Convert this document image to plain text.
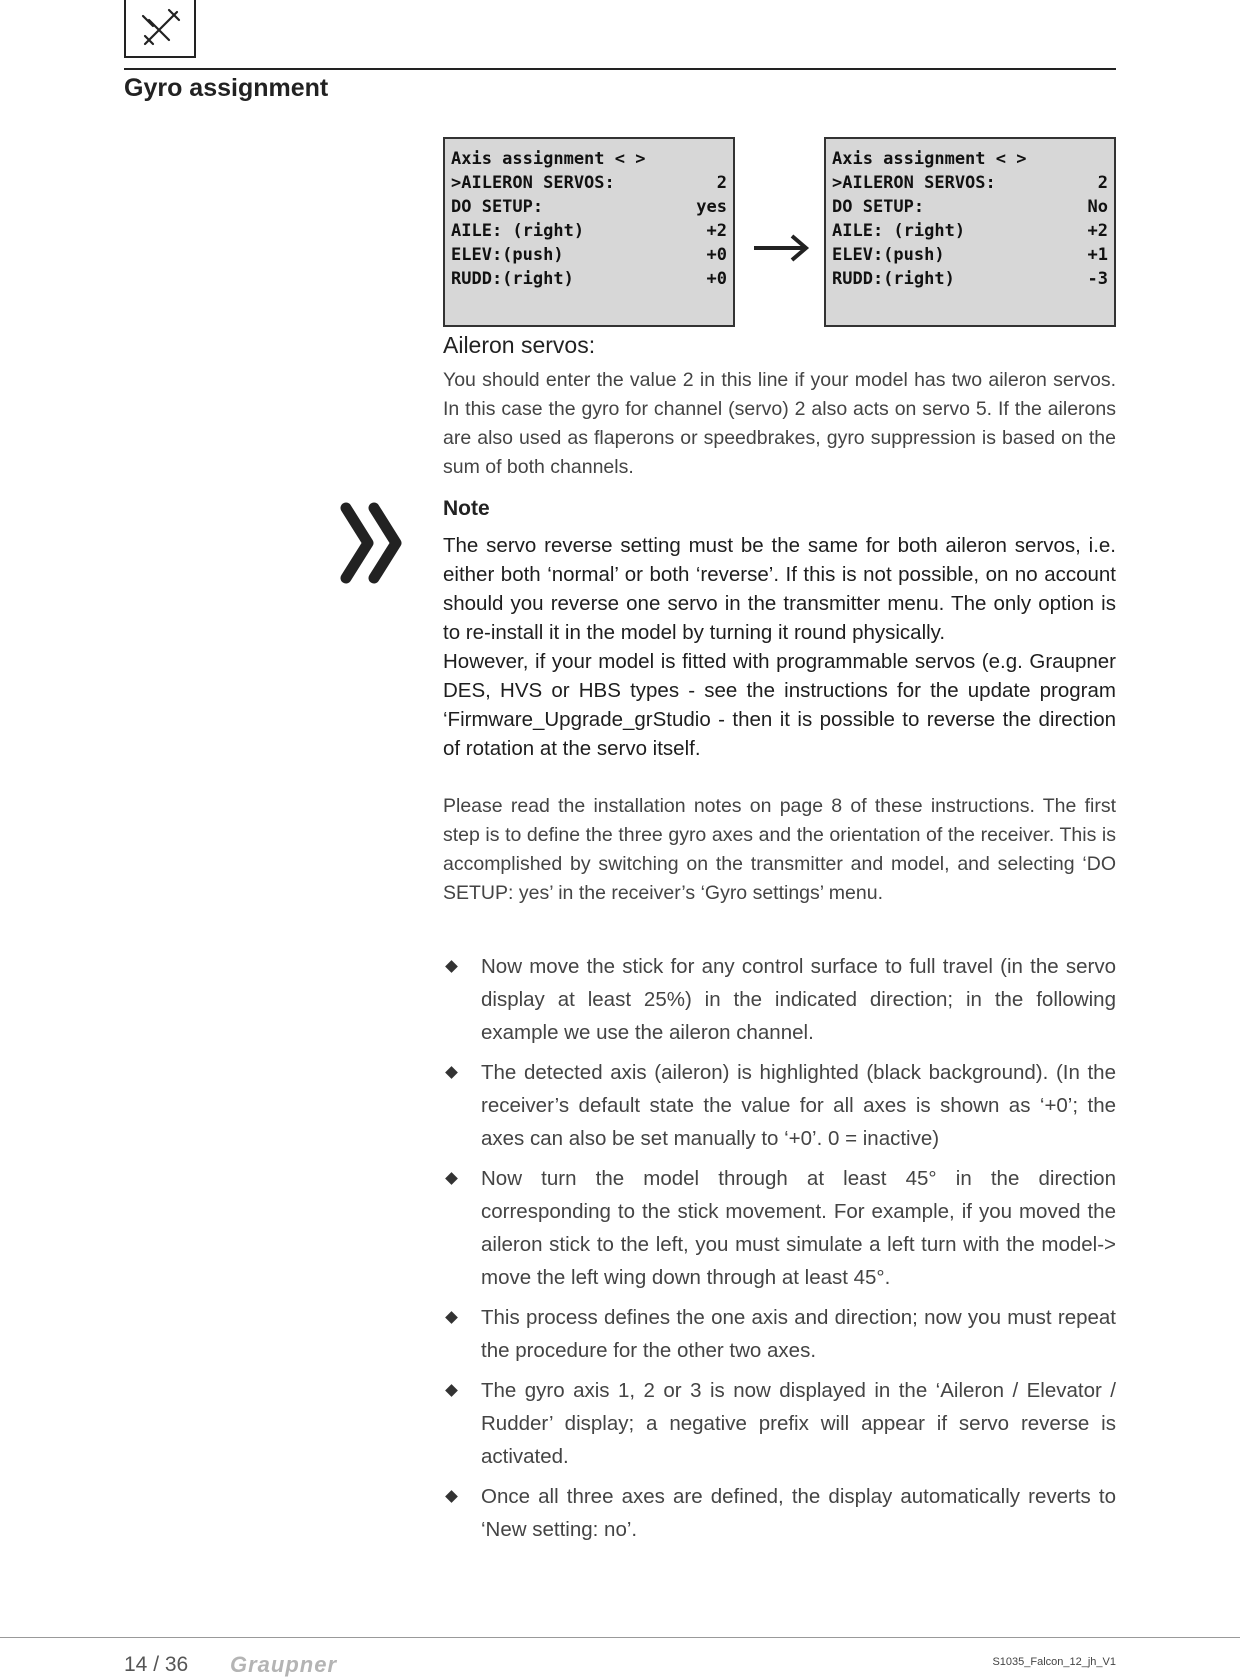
Gyro assignment
Axis assignment < >
>AILERON SERVOS:	2
DO SETUP:	yes
AILE: (right)	+2
ELEV:(push)	+0
RUDD:(right)	+0
Axis assignment < >
>AILERON SERVOS:	2
DO SETUP:	No
AILE: (right)	+2
ELEV:(push)	+1
RUDD:(right)	-3
Aileron servos:

You should enter the value 2 in this line if your model has two aileron servos. In this case the gyro for channel (servo) 2 also acts on servo 5. If the ailerons are also used as flaperons or speedbrakes, gyro suppression is based on the sum of both channels.

Note

The servo reverse setting must be the same for both aileron servos, i.e. either both ‘normal’ or both ‘reverse’. If this is not possible, on no account should you reverse one servo in the transmitter menu. The only option is to re-install it in the model by turning it round physically.

However, if your model is fitted with programmable servos (e.g. Graupner DES, HVS or HBS types - see the instructions for the update program ‘Firmware_Upgrade_grStudio - then it is possible to reverse the direction of rotation at the servo itself.

Please read the installation notes on page 8 of these instructions. The first step is to define the three gyro axes and the orientation of the receiver. This is accomplished by switching on the transmitter and model, and selecting ‘DO SETUP: yes’ in the receiver’s ‘Gyro settings’ menu.

Now move the stick for any control surface to full travel (in the servo display at least 25%) in the indicated direction; in the following example we use the aileron channel.
The detected axis (aileron) is highlighted (black background). (In the receiver’s default state the value for all axes is shown as ‘+0’; the axes can also be set manually to ‘+0’. 0 = inactive)
Now turn the model through at least 45° in the direction corresponding to the stick movement. For example, if you moved the aileron stick to the left, you must simulate a left turn with the model-> move the left wing down through at least 45°.
This process defines the one axis and direction; now you must repeat the procedure for the other two axes.
The gyro axis 1, 2 or 3 is now displayed in the ‘Aileron / Elevator / Rudder’ display; a negative prefix will appear if servo reverse is activated.
Once all three axes are defined, the display automatically reverts to ‘New setting: no’.
14 / 36 Graupner	S1035_Falcon_12_jh_V1
